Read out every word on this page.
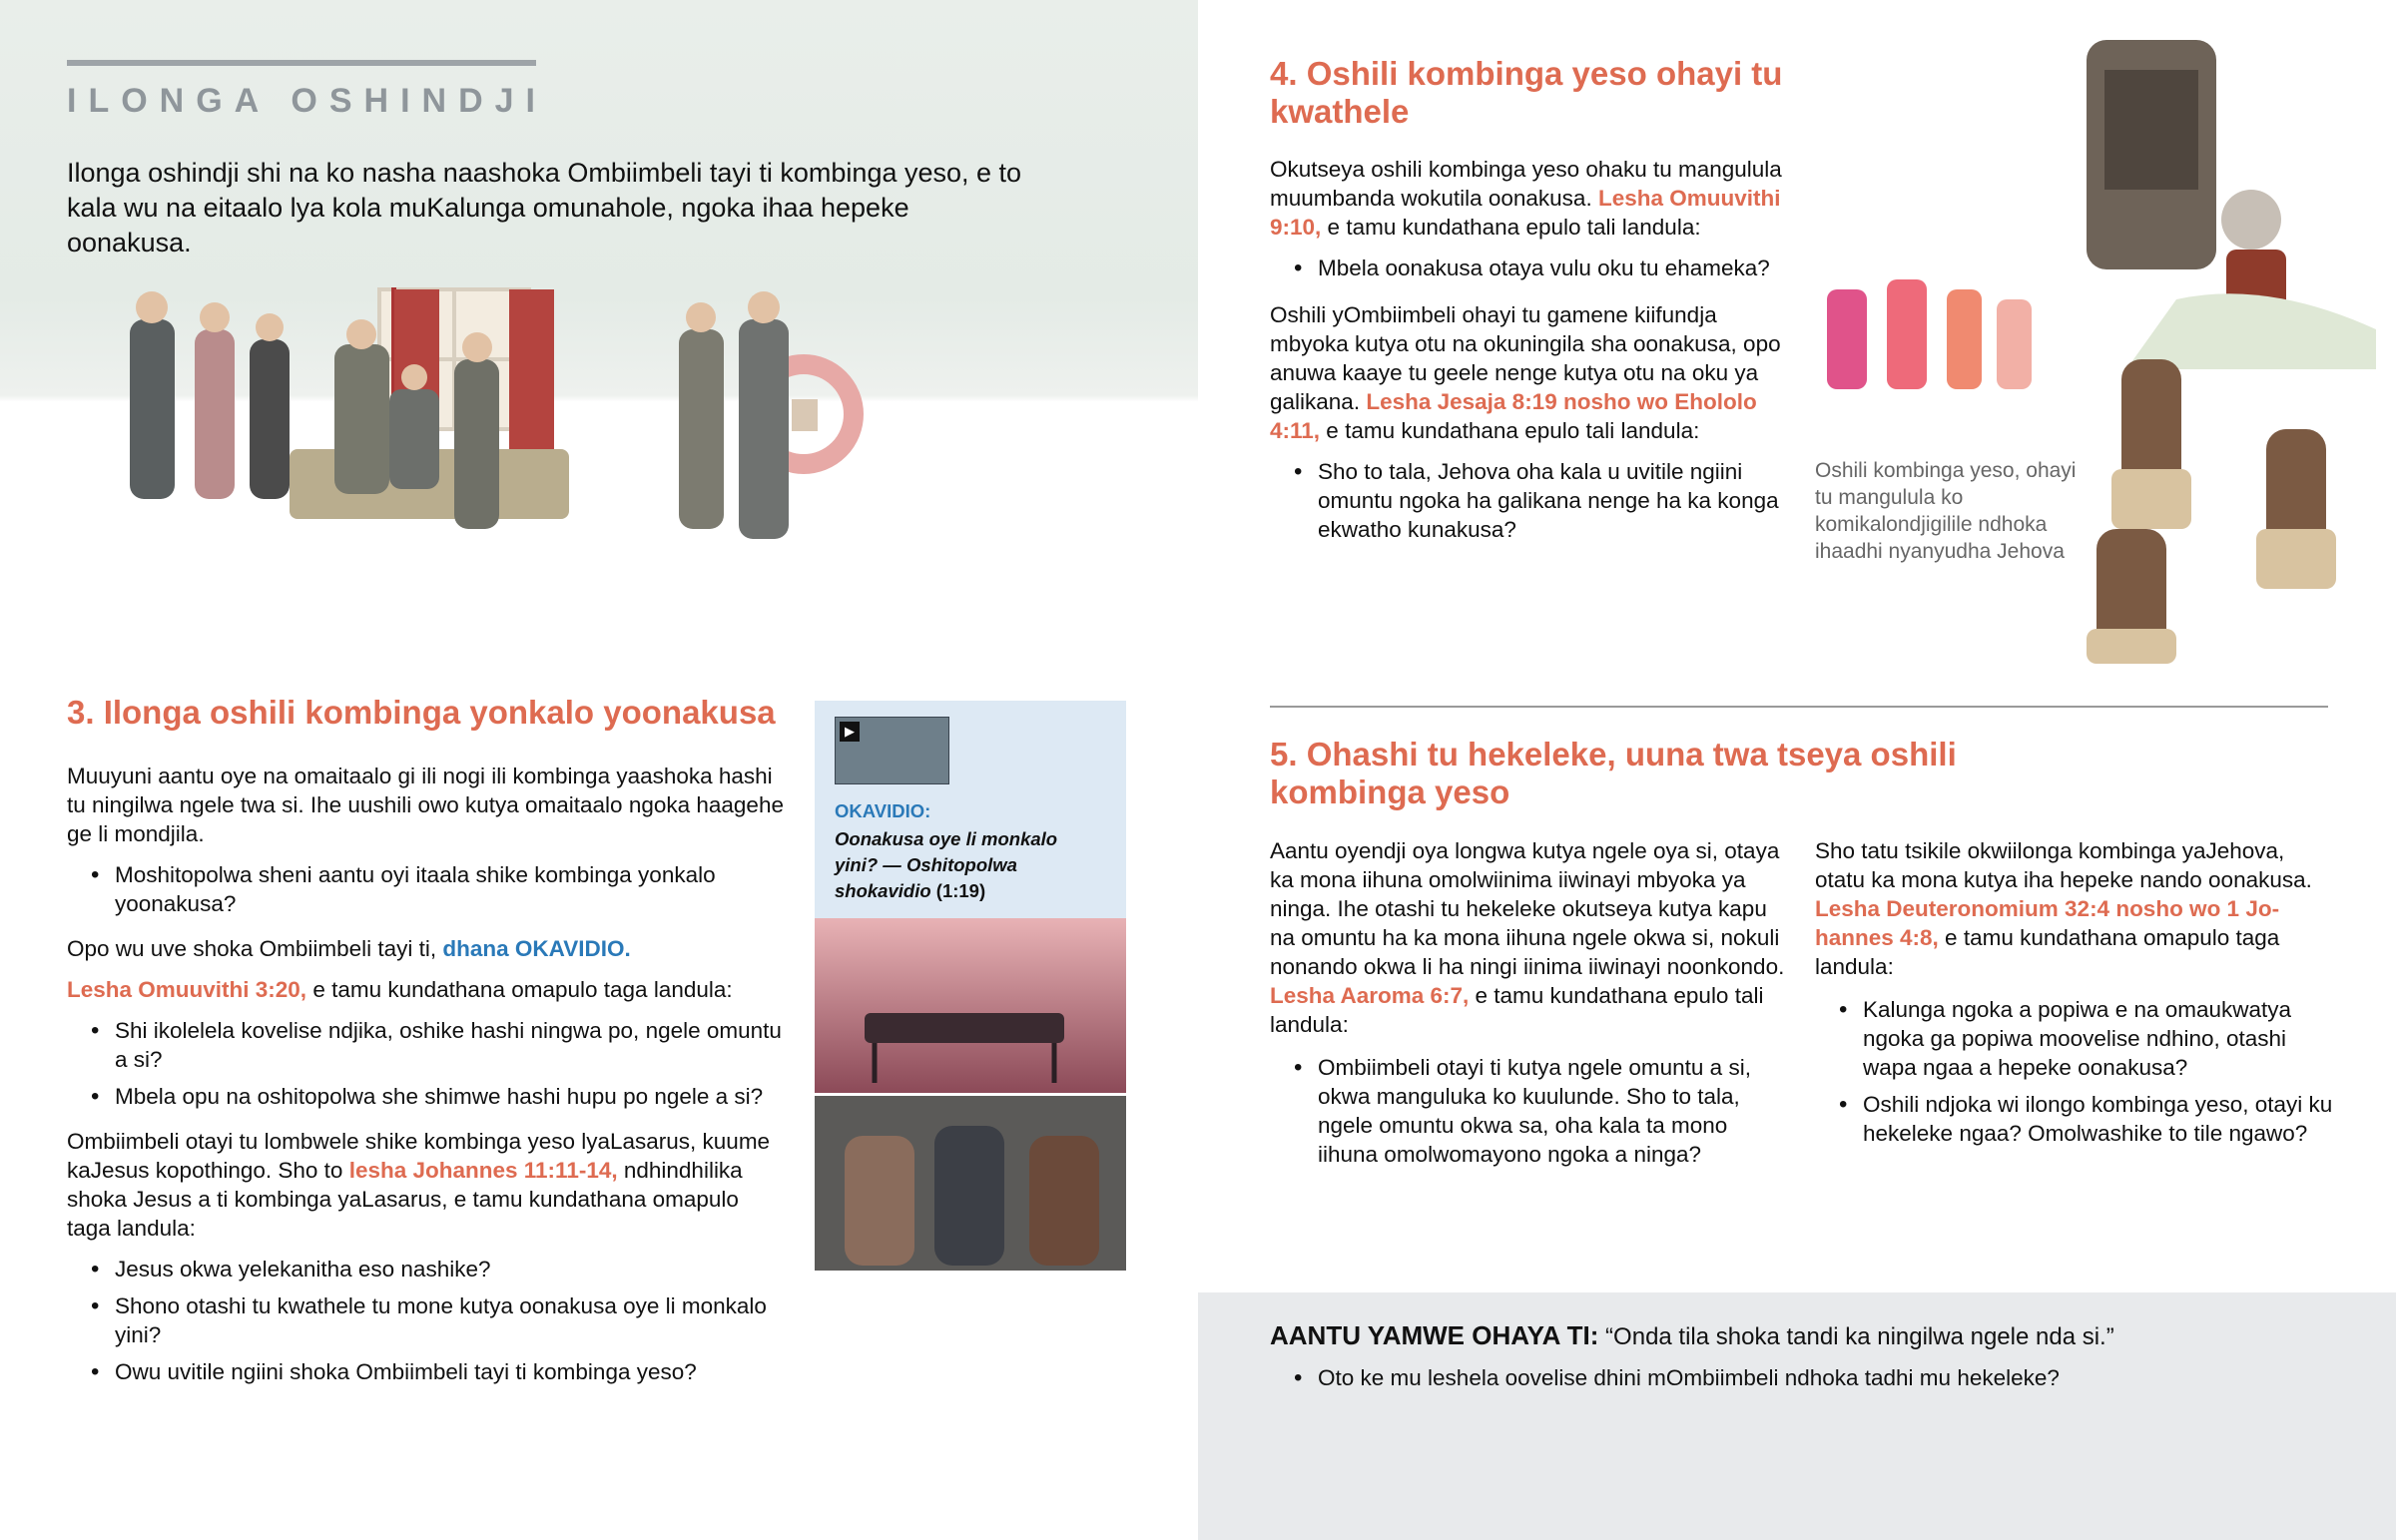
ILONGA OSHINDJI

Ilonga oshindji shi na ko nasha naashoka Ombiimbeli tayi ti kombinga yeso, e to kala wu na eitaalo lya kola muKalunga omunahole, ngoka ihaa hepeke oonakusa.

3. Ilonga oshili kombinga yonkalo yoonakusa

Muuyuni aantu oye na omaitaalo gi ili nogi ili kombinga yaashoka hashi tu ningilwa ngele twa si. Ihe uushili owo kutya omaitaalo ngoka haagehe ge li mondjila.

• Moshitopolwa sheni aantu oyi itaala shike kombinga yonkalo yoonakusa?

Opo wu uve shoka Ombiimbeli tayi ti, dhana OKAVIDIO.

Lesha Omuuvithi 3:20, e tamu kundathana omapulo taga landula:

• Shi ikolelela kovelise ndjika, oshike hashi ningwa po, ngele omuntu a si?
• Mbela opu na oshitopolwa she shimwe hashi hupu po ngele a si?

Ombiimbeli otayi tu lombwele shike kombinga yeso lyaLasarus, kuume kaJesus kopothingo. Sho to lesha Johannes 11:11-14, ndhindhilika shoka Jesus a ti kombinga yaLasarus, e tamu kundathana omapulo taga landula:

• Jesus okwa yelekanitha eso nashike?
• Shono otashi tu kwathele tu mone kutya oonakusa oye li monkalo yini?
• Owu uvitile ngiini shoka Ombiimbeli tayi ti kombinga yeso?
▶
OKAVIDIO:
Oonakusa oye li monkalo yini? — Oshitopolwa shokavidio (1:19)
4. Oshili kombinga yeso ohayi tu kwathele

Okutseya oshili kombinga yeso ohaku tu mangulula muumbanda wokutila oonakusa. Lesha Omuuvithi 9:10, e tamu kundathana epulo tali landula:

• Mbela oonakusa otaya vulu oku tu ehameka?

Oshili yOmbiimbeli ohayi tu gamene kiifundja mbyoka kutya otu na okuningila sha oonakusa, opo anuwa kaaye tu geele nenge kutya otu na oku ya galikana. Lesha Jesaja 8:19 nosho wo Ehololo 4:11, e tamu kundathana epulo tali landula:

• Sho to tala, Jehova oha kala u uvitile ngiini omuntu ngoka ha galikana nenge ha ka konga ekwatho kunakusa?

Oshili kombinga yeso, ohayi tu mangulula ko komikalondjigilile ndhoka ihaadhi nyanyudha Jehova

5. Ohashi tu hekeleke, uuna twa tseya oshili kombinga yeso

Aantu oyendji oya longwa kutya ngele oya si, otaya ka mona iihuna omolwiinima iiwinayi mbyoka ya ninga. Ihe otashi tu hekeleke okutseya kutya kapu na omuntu ha ka mona iihuna ngele okwa si, nokuli nonando okwa li ha ningi iinima iiwinayi noonkondo. Lesha Aaroma 6:7, e tamu kundathana epulo tali landula:

• Ombiimbeli otayi ti kutya ngele omuntu a si, okwa manguluka ko kuulunde. Sho to tala, ngele omuntu okwa sa, oha kala ta mono iihuna omolwomayono ngoka a ninga?

Sho tatu tsikile okwiilonga kombinga yaJehova, otatu ka mona kutya iha hepeke nando oonakusa. Lesha Deuteronomium 32:4 nosho wo 1 Johannes 4:8, e tamu kundathana omapulo taga landula:

• Kalunga ngoka a popiwa e na omaukwatya ngoka ga popiwa moovelise ndhino, otashi wapa ngaa a hepeke oonakusa?
• Oshili ndjoka wi ilongo kombinga yeso, otayi ku hekeleke ngaa? Omolwashike to tile ngawo?

AANTU YAMWE OHAYA TI: “Onda tila shoka tandi ka ningilwa ngele nda si.”

• Oto ke mu leshela oovelise dhini mOmbiimbeli ndhoka tadhi mu hekeleke?
